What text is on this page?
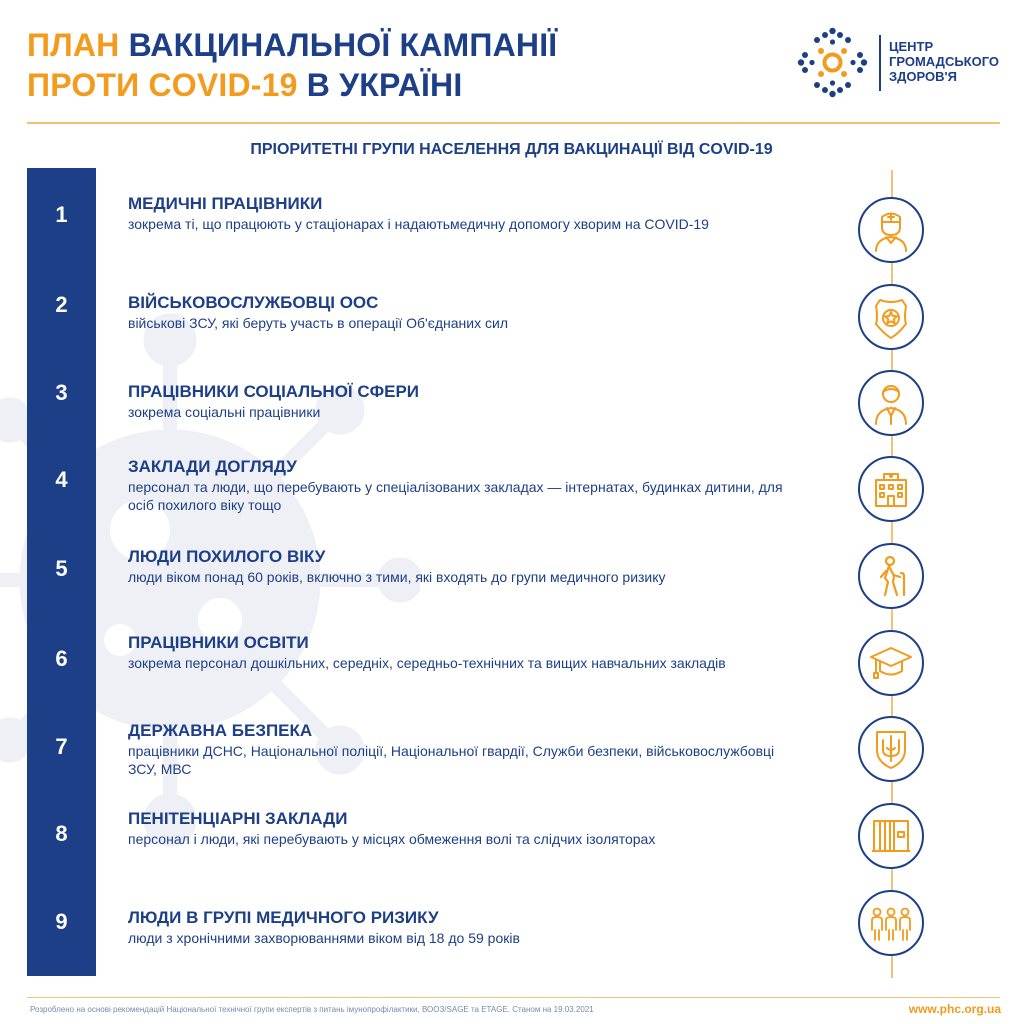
ПЛАН ВАКЦИНАЛЬНОЇ КАМПАНІЇ
ПРОТИ COVID-19 В УКРАЇНІ
ЦЕНТР
ГРОМАДСЬКОГО
ЗДОРОВ'Я
ПРІОРИТЕТНІ ГРУПИ НАСЕЛЕННЯ ДЛЯ ВАКЦИНАЦІЇ ВІД COVID-19
1	МЕДИЧНІ ПРАЦІВНИКИ
зокрема ті, що працюють у стаціонарах і надаютьмедичну допомогу хворим на COVID-19
2	ВІЙСЬКОВОСЛУЖБОВЦІ ООС
військові ЗСУ, які беруть участь в операції Об'єднаних сил
3	ПРАЦІВНИКИ СОЦІАЛЬНОЇ СФЕРИ
зокрема соціальні працівники
4
ЗАКЛАДИ ДОГЛЯДУ
персонал та люди, що перебувають у спеціалізованих закладах — інтернатах, будинках дитини, для осіб похилого віку тощо
5	ЛЮДИ ПОХИЛОГО ВІКУ
люди віком понад 60 років, включно з тими, які входять до групи медичного ризику
6
ПРАЦІВНИКИ ОСВІТИ
зокрема персонал дошкільних, середніх, середньо-технічних та вищих навчальних закладів
7
ДЕРЖАВНА БЕЗПЕКА
працівники ДСНС, Національної поліції, Національної гвардії, Служби безпеки, військовослужбовці ЗСУ, МВС
8
ПЕНІТЕНЦІАРНІ ЗАКЛАДИ
персонал і люди, які перебувають у місцях обмеження волі та слідчих ізоляторах
9	ЛЮДИ В ГРУПІ МЕДИЧНОГО РИЗИКУ
люди з хронічними захворюваннями віком від 18 до 59 років
Розроблено на основі рекомендацій Національної технічної групи експертів з питань імунопрофілактики, ВООЗ/SAGE та ETAGE. Станом на 19.03.2021	www.phc.org.ua
